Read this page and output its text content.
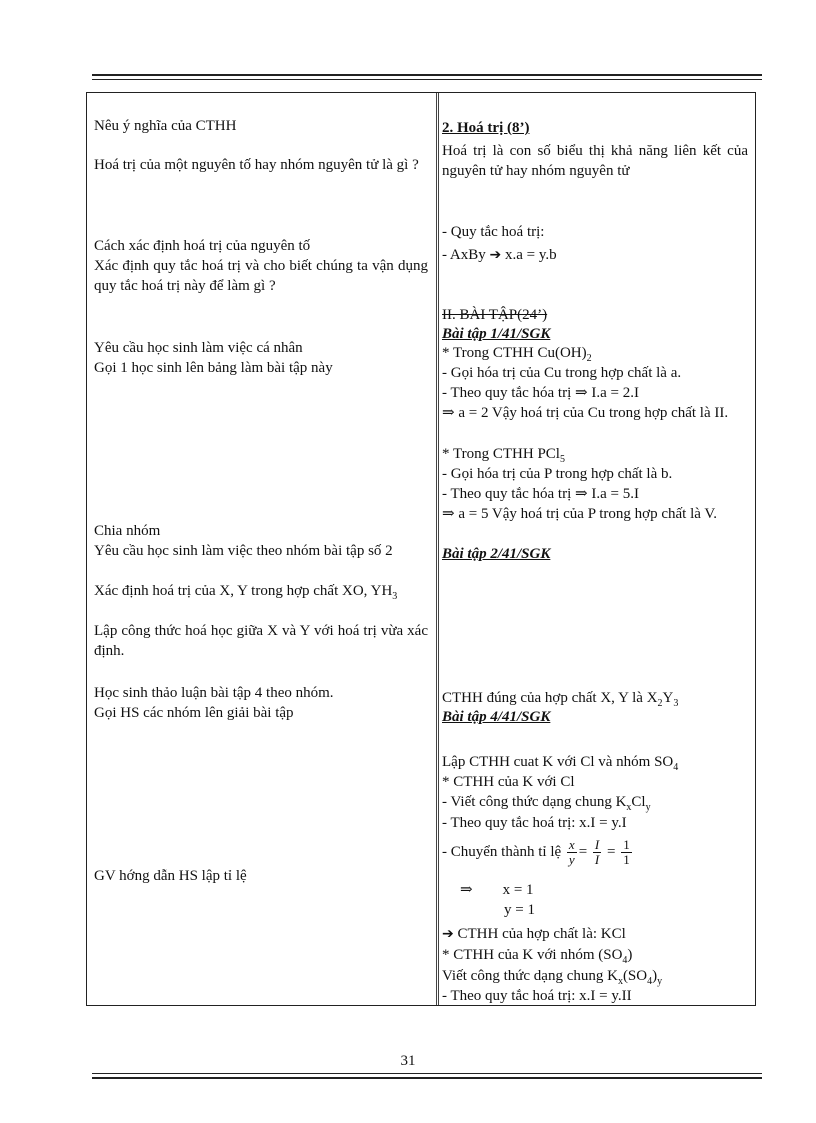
Nêu ý nghĩa của CTHH
Hoá trị của một nguyên tố hay nhóm nguyên tử là gì ?
Cách xác định hoá trị của nguyên tố
Xác định quy tắc hoá trị và cho biết chúng ta vận dụng quy tắc hoá trị này để làm gì ?
Yêu cầu học sinh làm việc cá nhân
Gọi 1 học sinh lên bảng làm bài tập này
Chia nhóm
Yêu cầu học sinh làm việc theo nhóm bài tập số 2
Xác định hoá trị của X, Y trong hợp chất XO, $YH_3$
Lập công thức hoá học giữa X và Y với hoá trị vừa xác định.
Học sinh thảo luận bài tập 4 theo nhóm.
Gọi HS các nhóm lên giải bài tập
GV hớng dẫn HS lập tỉ lệ
2. Hoá trị (8’)
Hoá trị là con số biểu thị khả năng liên kết của nguyên tử hay nhóm nguyên tử
- Quy tắc hoá trị:
- AxBy ➔ x.a = y.b
II. BÀI TẬP(24’)
Bài tập 1/41/SGK
* Trong CTHH $Cu(OH)_2$
- Gọi hóa trị của Cu trong hợp chất là a.
- Theo quy tắc hóa trị ⇒ I.a = 2.I
⇒ a = 2 Vậy hoá trị của Cu trong hợp chất là II.
* Trong CTHH PCl$_5$
- Gọi hóa trị của P trong hợp chất là b.
- Theo quy tắc hóa trị ⇒ I.a = 5.I
⇒ a = 5 Vậy hoá trị của P trong hợp chất là V.
Bài tập 2/41/SGK
CTHH đúng của hợp chất X, Y là $X_2Y_3$
Bài tập 4/41/SGK
Lập CTHH cuat K với Cl và nhóm $SO_4$
* CTHH của K với Cl
- Viết công thức dạng chung $K_xCl_y$
- Theo quy tắc hoá trị: x.I = y.I
- Chuyển thành tỉ lệ $\frac{x}{y} = \frac{I}{I} = \frac{1}{1}$
⇒ x = 1
y = 1
➔ CTHH của hợp chất là: KCl
* CTHH của K với nhóm $(SO_4)$
Viết công thức dạng chung $K_x(SO_4)_y$
- Theo quy tắc hoá trị: x.I = y.II
31
